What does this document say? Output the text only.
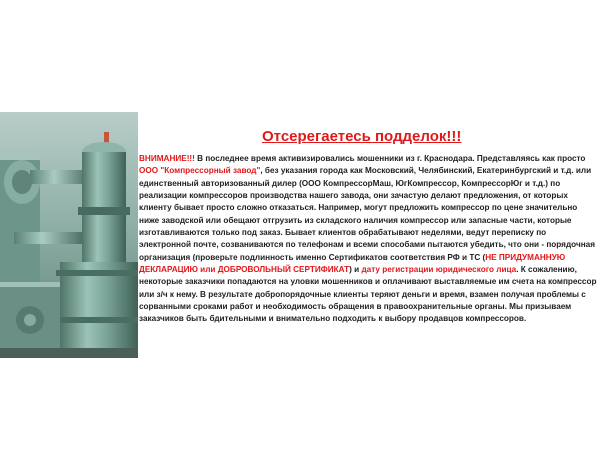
Отсерегаетесь подделок!!!

ВНИМАНИЕ!!! В последнее время активизировались мошенники из г. Краснодара. Представляясь как просто ООО "Компрессорный завод", без указания города как Московский, Челябинский, Екатеринбургский и т.д. или единственный авторизованный дилер (ООО КомпрессорМаш, ЮгКомпрессор, КомпрессорЮг и т.д.) по реализации компрессоров производства нашего завода, они зачастую делают предложения, от которых клиенту бывает просто сложно отказаться. Например, могут предложить компрессор по цене значительно ниже заводской или обещают отгрузить из складского наличия компрессор или запасные части, которые изготавливаются только под заказ. Бывает клиентов обрабатывают неделями, ведут переписку по электронной почте, созваниваются по телефонам и всеми способами пытаются убедить, что они - порядочная организация (проверьте подлинность именно Сертификатов соответствия РФ и ТС (НЕ ПРИДУМАННУЮ ДЕКЛАРАЦИЮ или ДОБРОВОЛЬНЫЙ СЕРТИФИКАТ) и дату регистрации юридического лица. К сожалению, некоторые заказчики попадаются на уловки мошенников и оплачивают выставляемые им счета на компрессор или з/ч к нему. В результате добропорядочные клиенты теряют деньги и время, взамен получая проблемы с сорванными сроками работ и необходимость обращения в правоохранительные органы. Мы призываем заказчиков быть бдительными и внимательно подходить к выбору продавцов компрессоров.
